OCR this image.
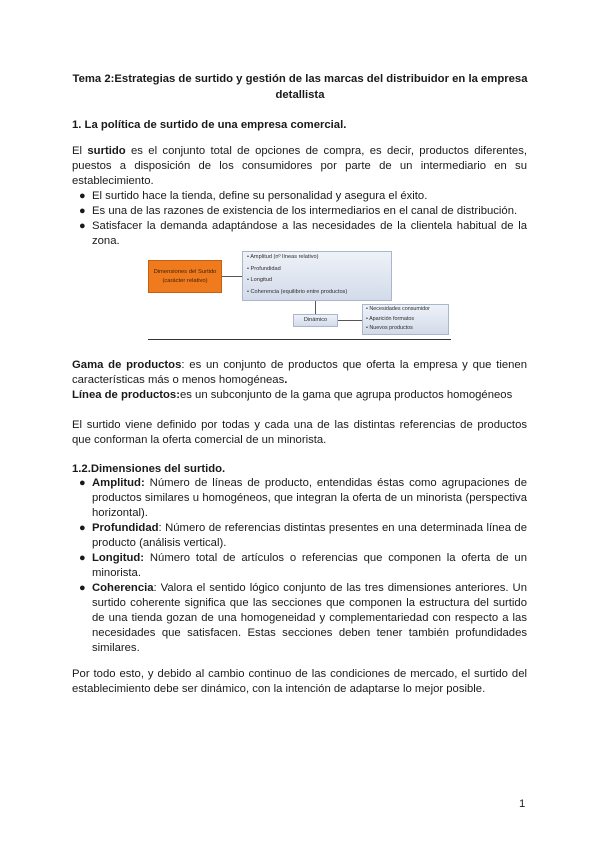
Tema 2:Estrategias de surtido y gestión de las marcas del distribuidor en la empresa detallista
1. La política de surtido de una empresa comercial.
El surtido es el conjunto total de opciones de compra, es decir, productos diferentes, puestos a disposición de los consumidores por parte de un intermediario en su establecimiento.
● El surtido hace la tienda, define su personalidad y asegura el éxito.
● Es una de las razones de existencia de los intermediarios en el canal de distribución.
● Satisfacer la demanda adaptándose a las necesidades de la clientela habitual de la zona.
Dimensiones del Surtido (carácter relativo)
• Amplitud (nº líneas relativo)
• Profundidad
• Longitud
• Coherencia (equilibrio entre productos)
Dinámico
• Necesidades consumidor
• Aparición formatos
• Nuevos productos
Gama de productos: es un conjunto de productos que oferta la empresa y que tienen características más o menos homogéneas.
Línea de productos:es un subconjunto de la gama que agrupa productos homogéneos
El surtido viene definido por todas y cada una de las distintas referencias de productos que conforman la oferta comercial de un minorista.
1.2.Dimensiones del surtido.
● Amplitud: Número de líneas de producto, entendidas éstas como agrupaciones de productos similares u homogéneos, que integran la oferta de un minorista (perspectiva horizontal).
● Profundidad: Número de referencias distintas presentes en una determinada línea de producto (análisis vertical).
● Longitud: Número total de artículos o referencias que componen la oferta de un minorista.
● Coherencia: Valora el sentido lógico conjunto de las tres dimensiones anteriores. Un surtido coherente significa que las secciones que componen la estructura del surtido de una tienda gozan de una homogeneidad y complementariedad con respecto a las necesidades que satisfacen. Estas secciones deben tener también profundidades similares.
Por todo esto, y debido al cambio continuo de las condiciones de mercado, el surtido del establecimiento debe ser dinámico, con la intención de adaptarse lo mejor posible.
1
